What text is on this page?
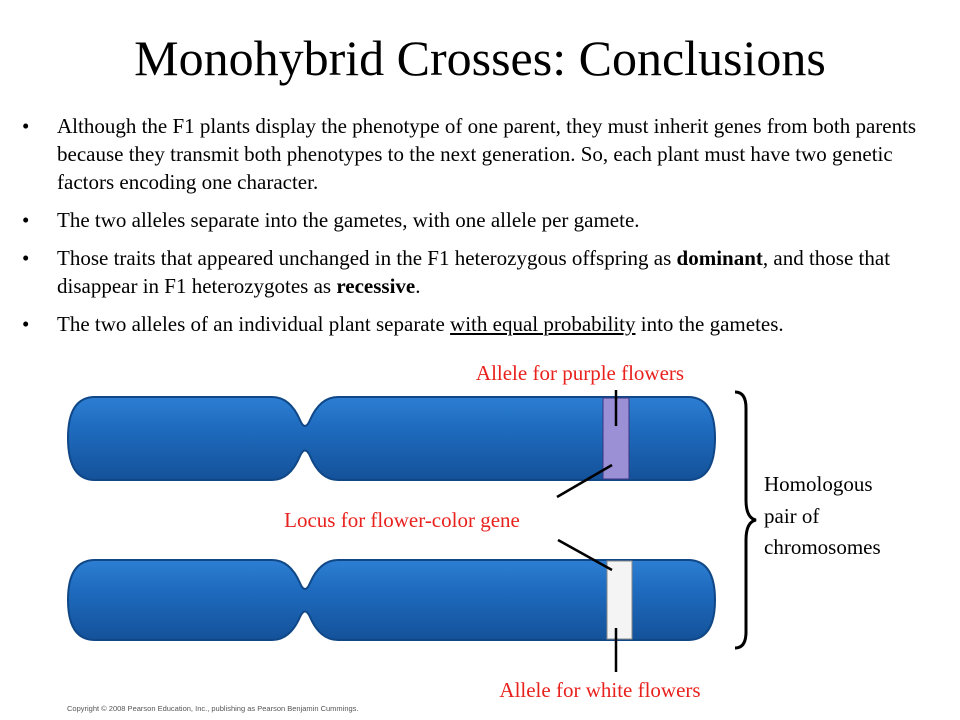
Monohybrid Crosses: Conclusions
• Although the F1 plants display the phenotype of one parent, they must inherit genes from both parents because they transmit both phenotypes to the next generation. So, each plant must have two genetic factors encoding one character.
• The two alleles separate into the gametes, with one allele per gamete.
• Those traits that appeared unchanged in the F1 heterozygous offspring as dominant, and those that disappear in F1 heterozygotes as recessive.
• The two alleles of an individual plant separate with equal probability into the gametes.
Allele for purple flowers
Locus for flower-color gene
Allele for white flowers
Homologous
pair of
chromosomes
Copyright © 2008 Pearson Education, Inc., publishing as Pearson Benjamin Cummings.
